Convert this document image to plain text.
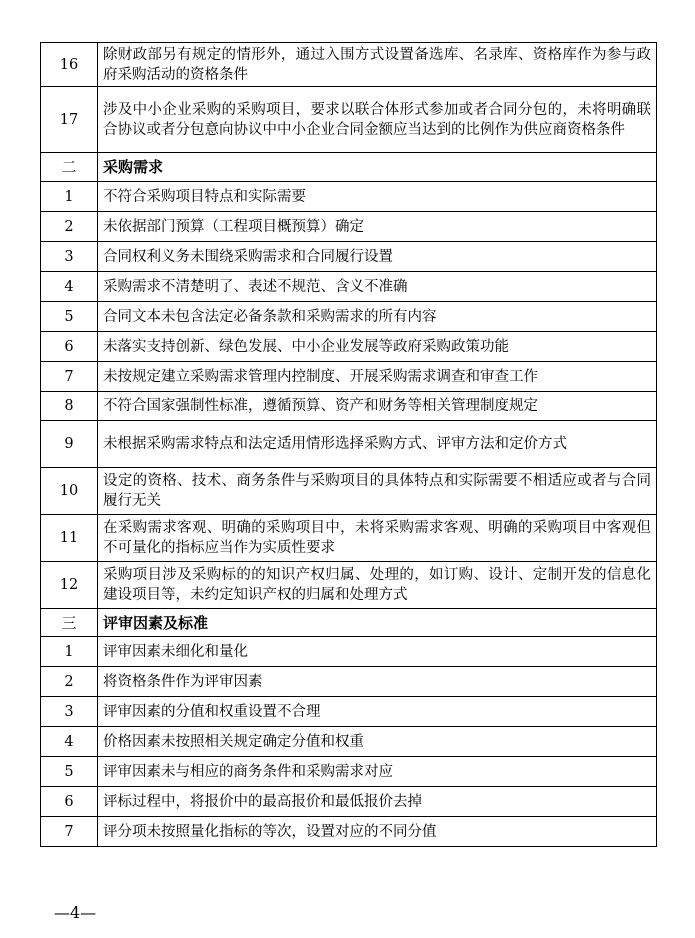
16	除财政部另有规定的情形外，通过入围方式设置备选库、名录库、资格库作为参与政府采购活动的资格条件
17	涉及中小企业采购的采购项目，要求以联合体形式参加或者合同分包的，未将明确联合协议或者分包意向协议中中小企业合同金额应当达到的比例作为供应商资格条件
二	采购需求
1	不符合采购项目特点和实际需要
2	未依据部门预算（工程项目概预算）确定
3	合同权利义务未围绕采购需求和合同履行设置
4	采购需求不清楚明了、表述不规范、含义不准确
5	合同文本未包含法定必备条款和采购需求的所有内容
6	未落实支持创新、绿色发展、中小企业发展等政府采购政策功能
7	未按规定建立采购需求管理内控制度、开展采购需求调查和审查工作
8	不符合国家强制性标准，遵循预算、资产和财务等相关管理制度规定
9	未根据采购需求特点和法定适用情形选择采购方式、评审方法和定价方式
10	设定的资格、技术、商务条件与采购项目的具体特点和实际需要不相适应或者与合同履行无关
11	在采购需求客观、明确的采购项目中，未将采购需求客观、明确的采购项目中客观但不可量化的指标应当作为实质性要求
12	采购项目涉及采购标的的知识产权归属、处理的，如订购、设计、定制开发的信息化建设项目等，未约定知识产权的归属和处理方式
三	评审因素及标准
1	评审因素未细化和量化
2	将资格条件作为评审因素
3	评审因素的分值和权重设置不合理
4	价格因素未按照相关规定确定分值和权重
5	评审因素未与相应的商务条件和采购需求对应
6	评标过程中，将报价中的最高报价和最低报价去掉
7	评分项未按照量化指标的等次，设置对应的不同分值
—4—
